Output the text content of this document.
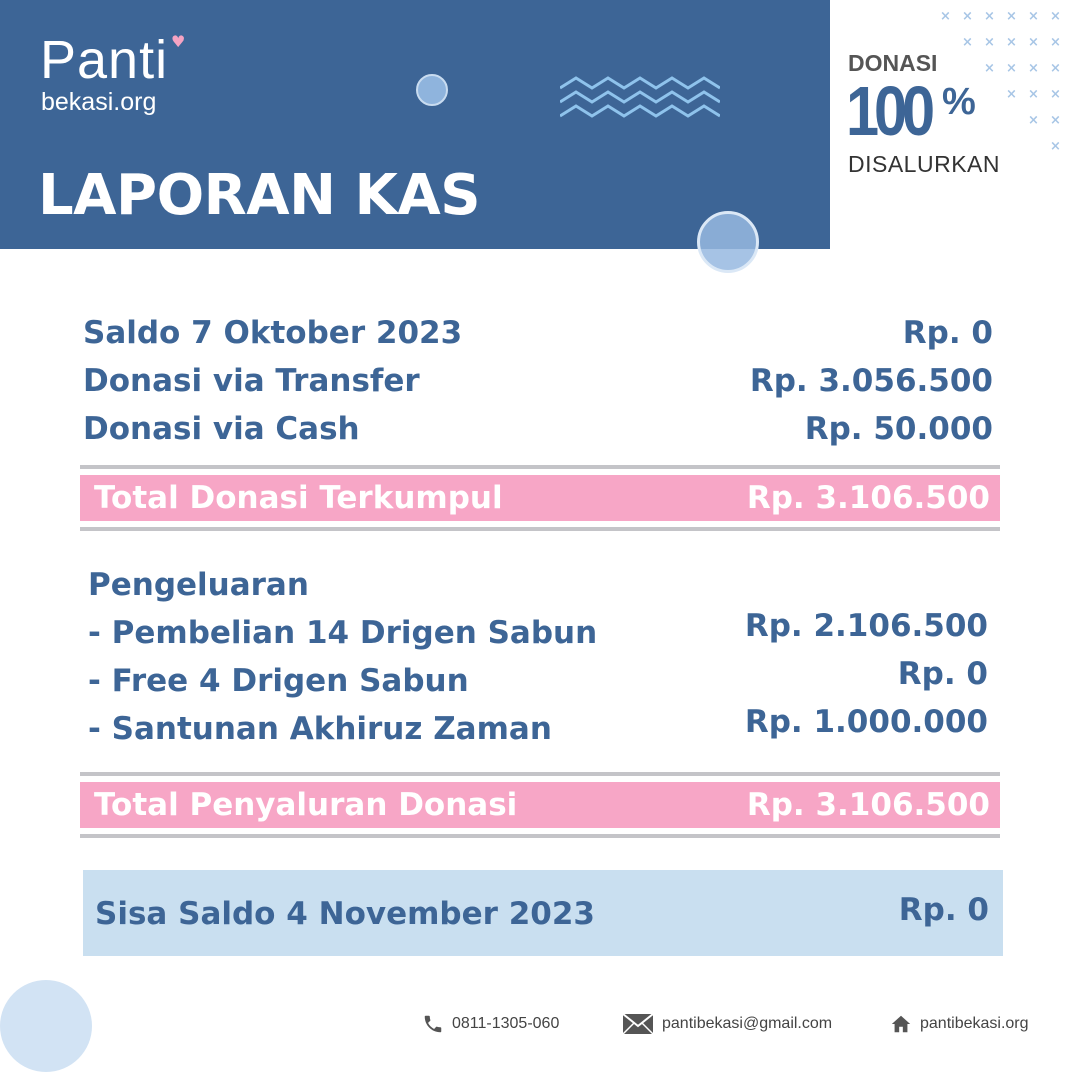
Panti ♥
bekasi.org
LAPORAN KAS
×
×
×
×
×
×
×
×
×
×
×
×
×
×
×
×
×
×
×
×
×
DONASI
100 %
DISALURKAN
Saldo 7 Oktober 2023	Rp. 0
Donasi via Transfer	Rp. 3.056.500
Donasi via Cash	Rp. 50.000
Total Donasi Terkumpul	Rp. 3.106.500
Pengeluaran
- Pembelian 14 Drigen Sabun	Rp. 2.106.500
- Free 4 Drigen Sabun	Rp. 0
- Santunan Akhiruz Zaman	Rp. 1.000.000
Total Penyaluran Donasi	Rp. 3.106.500
Sisa Saldo 4 November 2023	Rp. 0
0811-1305-060	pantibekasi@gmail.com	pantibekasi.org
